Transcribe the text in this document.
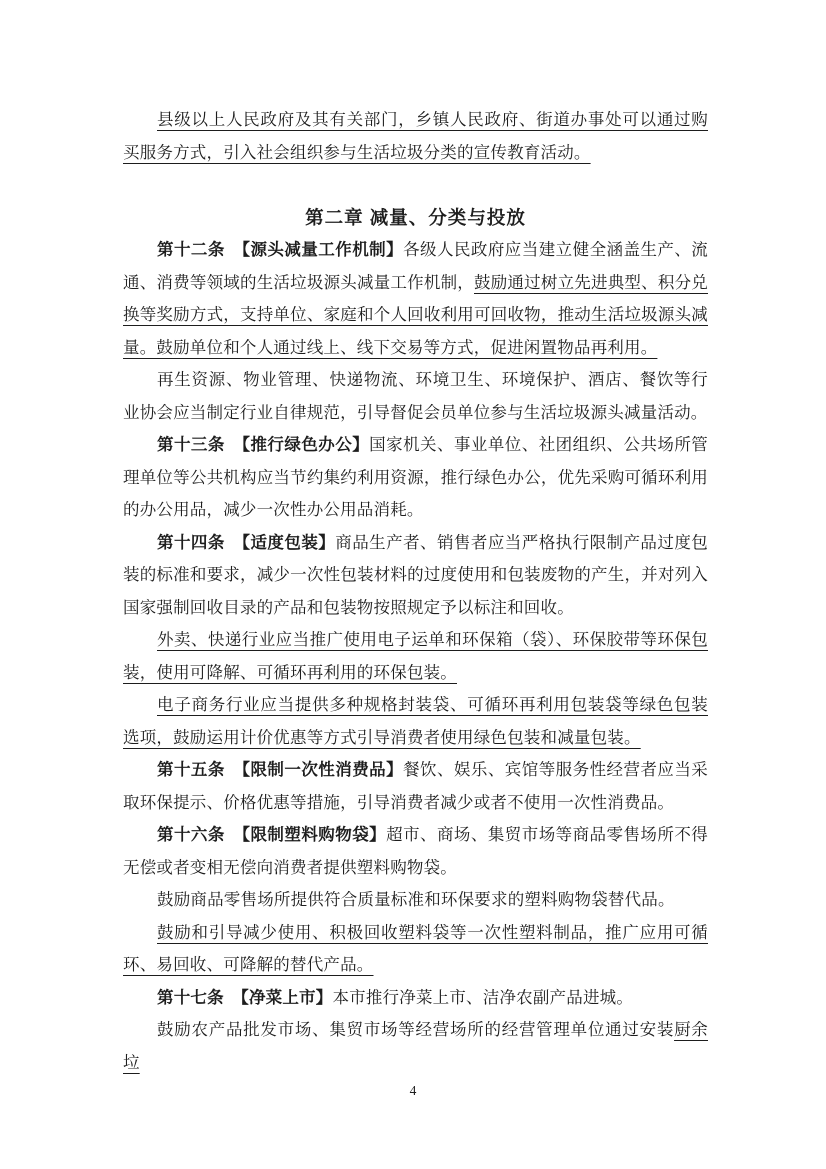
县级以上人民政府及其有关部门，乡镇人民政府、街道办事处可以通过购买服务方式，引入社会组织参与生活垃圾分类的宣传教育活动。

第二章 减量、分类与投放

第十二条　【源头减量工作机制】各级人民政府应当建立健全涵盖生产、流通、消费等领域的生活垃圾源头减量工作机制，鼓励通过树立先进典型、积分兑换等奖励方式，支持单位、家庭和个人回收利用可回收物，推动生活垃圾源头减量。鼓励单位和个人通过线上、线下交易等方式，促进闲置物品再利用。

再生资源、物业管理、快递物流、环境卫生、环境保护、酒店、餐饮等行业协会应当制定行业自律规范，引导督促会员单位参与生活垃圾源头减量活动。

第十三条　【推行绿色办公】国家机关、事业单位、社团组织、公共场所管理单位等公共机构应当节约集约利用资源，推行绿色办公，优先采购可循环利用的办公用品，减少一次性办公用品消耗。

第十四条　【适度包装】商品生产者、销售者应当严格执行限制产品过度包装的标准和要求，减少一次性包装材料的过度使用和包装废物的产生，并对列入国家强制回收目录的产品和包装物按照规定予以标注和回收。

外卖、快递行业应当推广使用电子运单和环保箱（袋）、环保胶带等环保包装，使用可降解、可循环再利用的环保包装。

电子商务行业应当提供多种规格封装袋、可循环再利用包装袋等绿色包装选项，鼓励运用计价优惠等方式引导消费者使用绿色包装和减量包装。

第十五条　【限制一次性消费品】餐饮、娱乐、宾馆等服务性经营者应当采取环保提示、价格优惠等措施，引导消费者减少或者不使用一次性消费品。

第十六条　【限制塑料购物袋】超市、商场、集贸市场等商品零售场所不得无偿或者变相无偿向消费者提供塑料购物袋。

鼓励商品零售场所提供符合质量标准和环保要求的塑料购物袋替代品。

鼓励和引导减少使用、积极回收塑料袋等一次性塑料制品，推广应用可循环、易回收、可降解的替代产品。

第十七条　【净菜上市】本市推行净菜上市、洁净农副产品进城。

鼓励农产品批发市场、集贸市场等经营场所的经营管理单位通过安装厨余垃

4
